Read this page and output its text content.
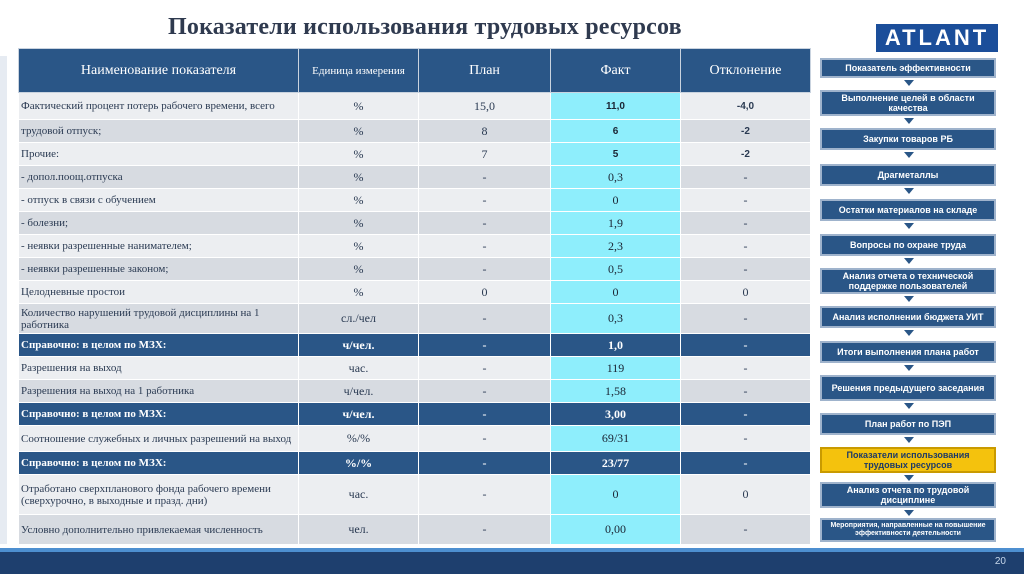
Показатели использования трудовых ресурсов	ATLANT
Наименование показателя	Единица измерения	План	Факт	Отклонение
Фактический процент потерь рабочего времени, всего	%	15,0	11,0	-4,0
трудовой отпуск;	%	8	6	-2
Прочие:	%	7	5	-2
- допол.поощ.отпуска	%	-	0,3	-
- отпуск в связи с обучением	%	-	0	-
- болезни;	%	-	1,9	-
- неявки разрешенные нанимателем;	%	-	2,3	-
- неявки разрешенные законом;	%	-	0,5	-
Целодневные простои	%	0	0	0
Количество нарушений трудовой дисциплины на 1 работника	сл./чел	-	0,3	-
Справочно: в целом по МЗХ:	ч/чел.	-	1,0	-
Разрешения на выход	час.	-	119	-
Разрешения на выход на 1 работника	ч/чел.	-	1,58	-
Справочно: в целом по МЗХ:	ч/чел.	-	3,00	-
Соотношение служебных и личных разрешений на выход	%/%	-	69/31	-
Справочно: в целом по МЗХ:	%/%	-	23/77	-
Отработано сверхпланового фонда рабочего времени (сверхурочно, в выходные и празд. дни)	час.	-	0	0
Условно дополнительно привлекаемая численность	чел.	-	0,00	-
Показатель эффективности
Выполнение целей в области качества
Закупки товаров РБ
Драгметаллы
Остатки материалов на складе
Вопросы по охране труда
Анализ отчета о технической поддержке пользователей
Анализ исполнении бюджета УИТ
Итоги выполнения плана работ
Решения предыдущего заседания
План работ по ПЭП
Показатели использования трудовых ресурсов
Анализ отчета по трудовой дисциплине
Мероприятия, направленные на повышение эффективности деятельности
20
